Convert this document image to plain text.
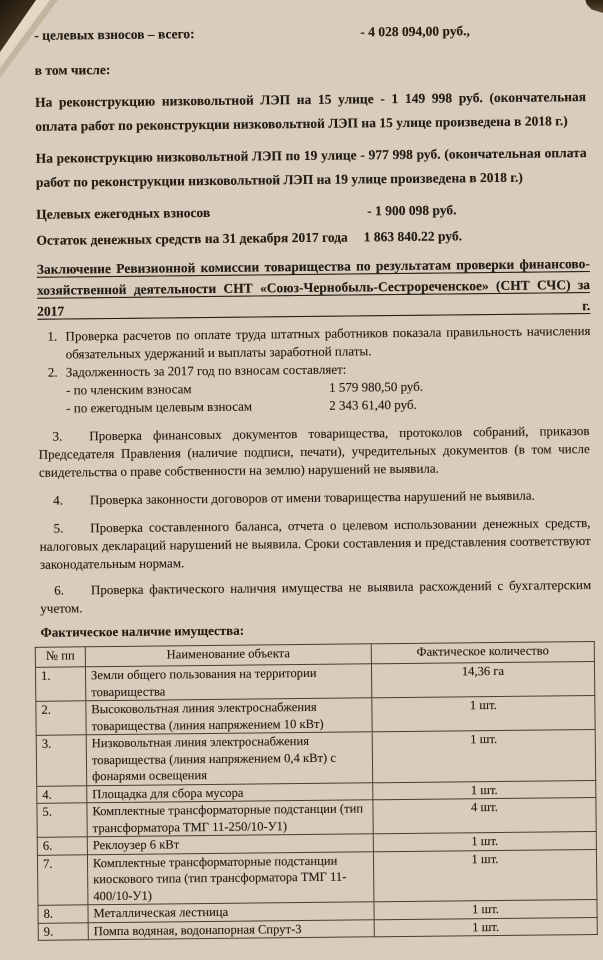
- целевых взносов – всего:	- 4 028 094,00 руб.,
в том числе:

На реконструкцию низковольтной ЛЭП на 15 улице - 1 149 998 руб. (окончательная оплата работ по реконструкции низковольтной ЛЭП на 15 улице произведена в 2018 г.)

На реконструкцию низковольтной ЛЭП по 19 улице - 977 998 руб. (окончательная оплата работ по реконструкции низковольтной ЛЭП на 19 улице произведена в 2018 г.)

Целевых ежегодных взносов	- 1 900 098 руб.
Остаток денежных средств на 31 декабря 2017 года 1 863 840.22 руб.
Заключение Ревизионной комиссии товарищества по результатам проверки финансово-хозяйственной деятельности СНТ «Союз-Чернобыль-Сестрореченское» (СНТ СЧС) за 2017 г.
1. Проверка расчетов по оплате труда штатных работников показала правильность начисления обязательных удержаний и выплаты заработной платы.
2. Задолженность за 2017 год по взносам составляет:
- по членским взносам	1 579 980,50 руб.
- по ежегодным целевым взносам	2 343 61,40 руб.

3. Проверка финансовых документов товарищества, протоколов собраний, приказов Председателя Правления (наличие подписи, печати), учредительных документов (в том числе свидетельства о праве собственности на землю) нарушений не выявила.

4. Проверка законности договоров от имени товарищества нарушений не выявила.

5. Проверка составленного баланса, отчета о целевом использовании денежных средств, налоговых деклараций нарушений не выявила. Сроки составления и представления соответствуют законодательным нормам.

6. Проверка фактического наличия имущества не выявила расхождений с бухгалтерским учетом.

Фактическое наличие имущества:
№ пп	Наименование объекта	Фактическое количество
1.	Земли общего пользования на территории товарищества	14,36 га
2.	Высоковольтная линия электроснабжения товарищества (линия напряжением 10 кВт)	1 шт.
3.	Низковольтная линия электроснабжения товарищества (линия напряжением 0,4 кВт) с фонарями освещения	1 шт.
4.	Площадка для сбора мусора	1 шт.
5.	Комплектные трансформаторные подстанции (тип трансформатора ТМГ 11-250/10-У1)	4 шт.
6.	Реклоузер 6 кВт	1 шт.
7.	Комплектные трансформаторные подстанции киоскового типа (тип трансформатора ТМГ 11-400/10-У1)	1 шт.
8.	Металлическая лестница	1 шт.
9.	Помпа водяная, водонапорная Спрут-3	1 шт.
